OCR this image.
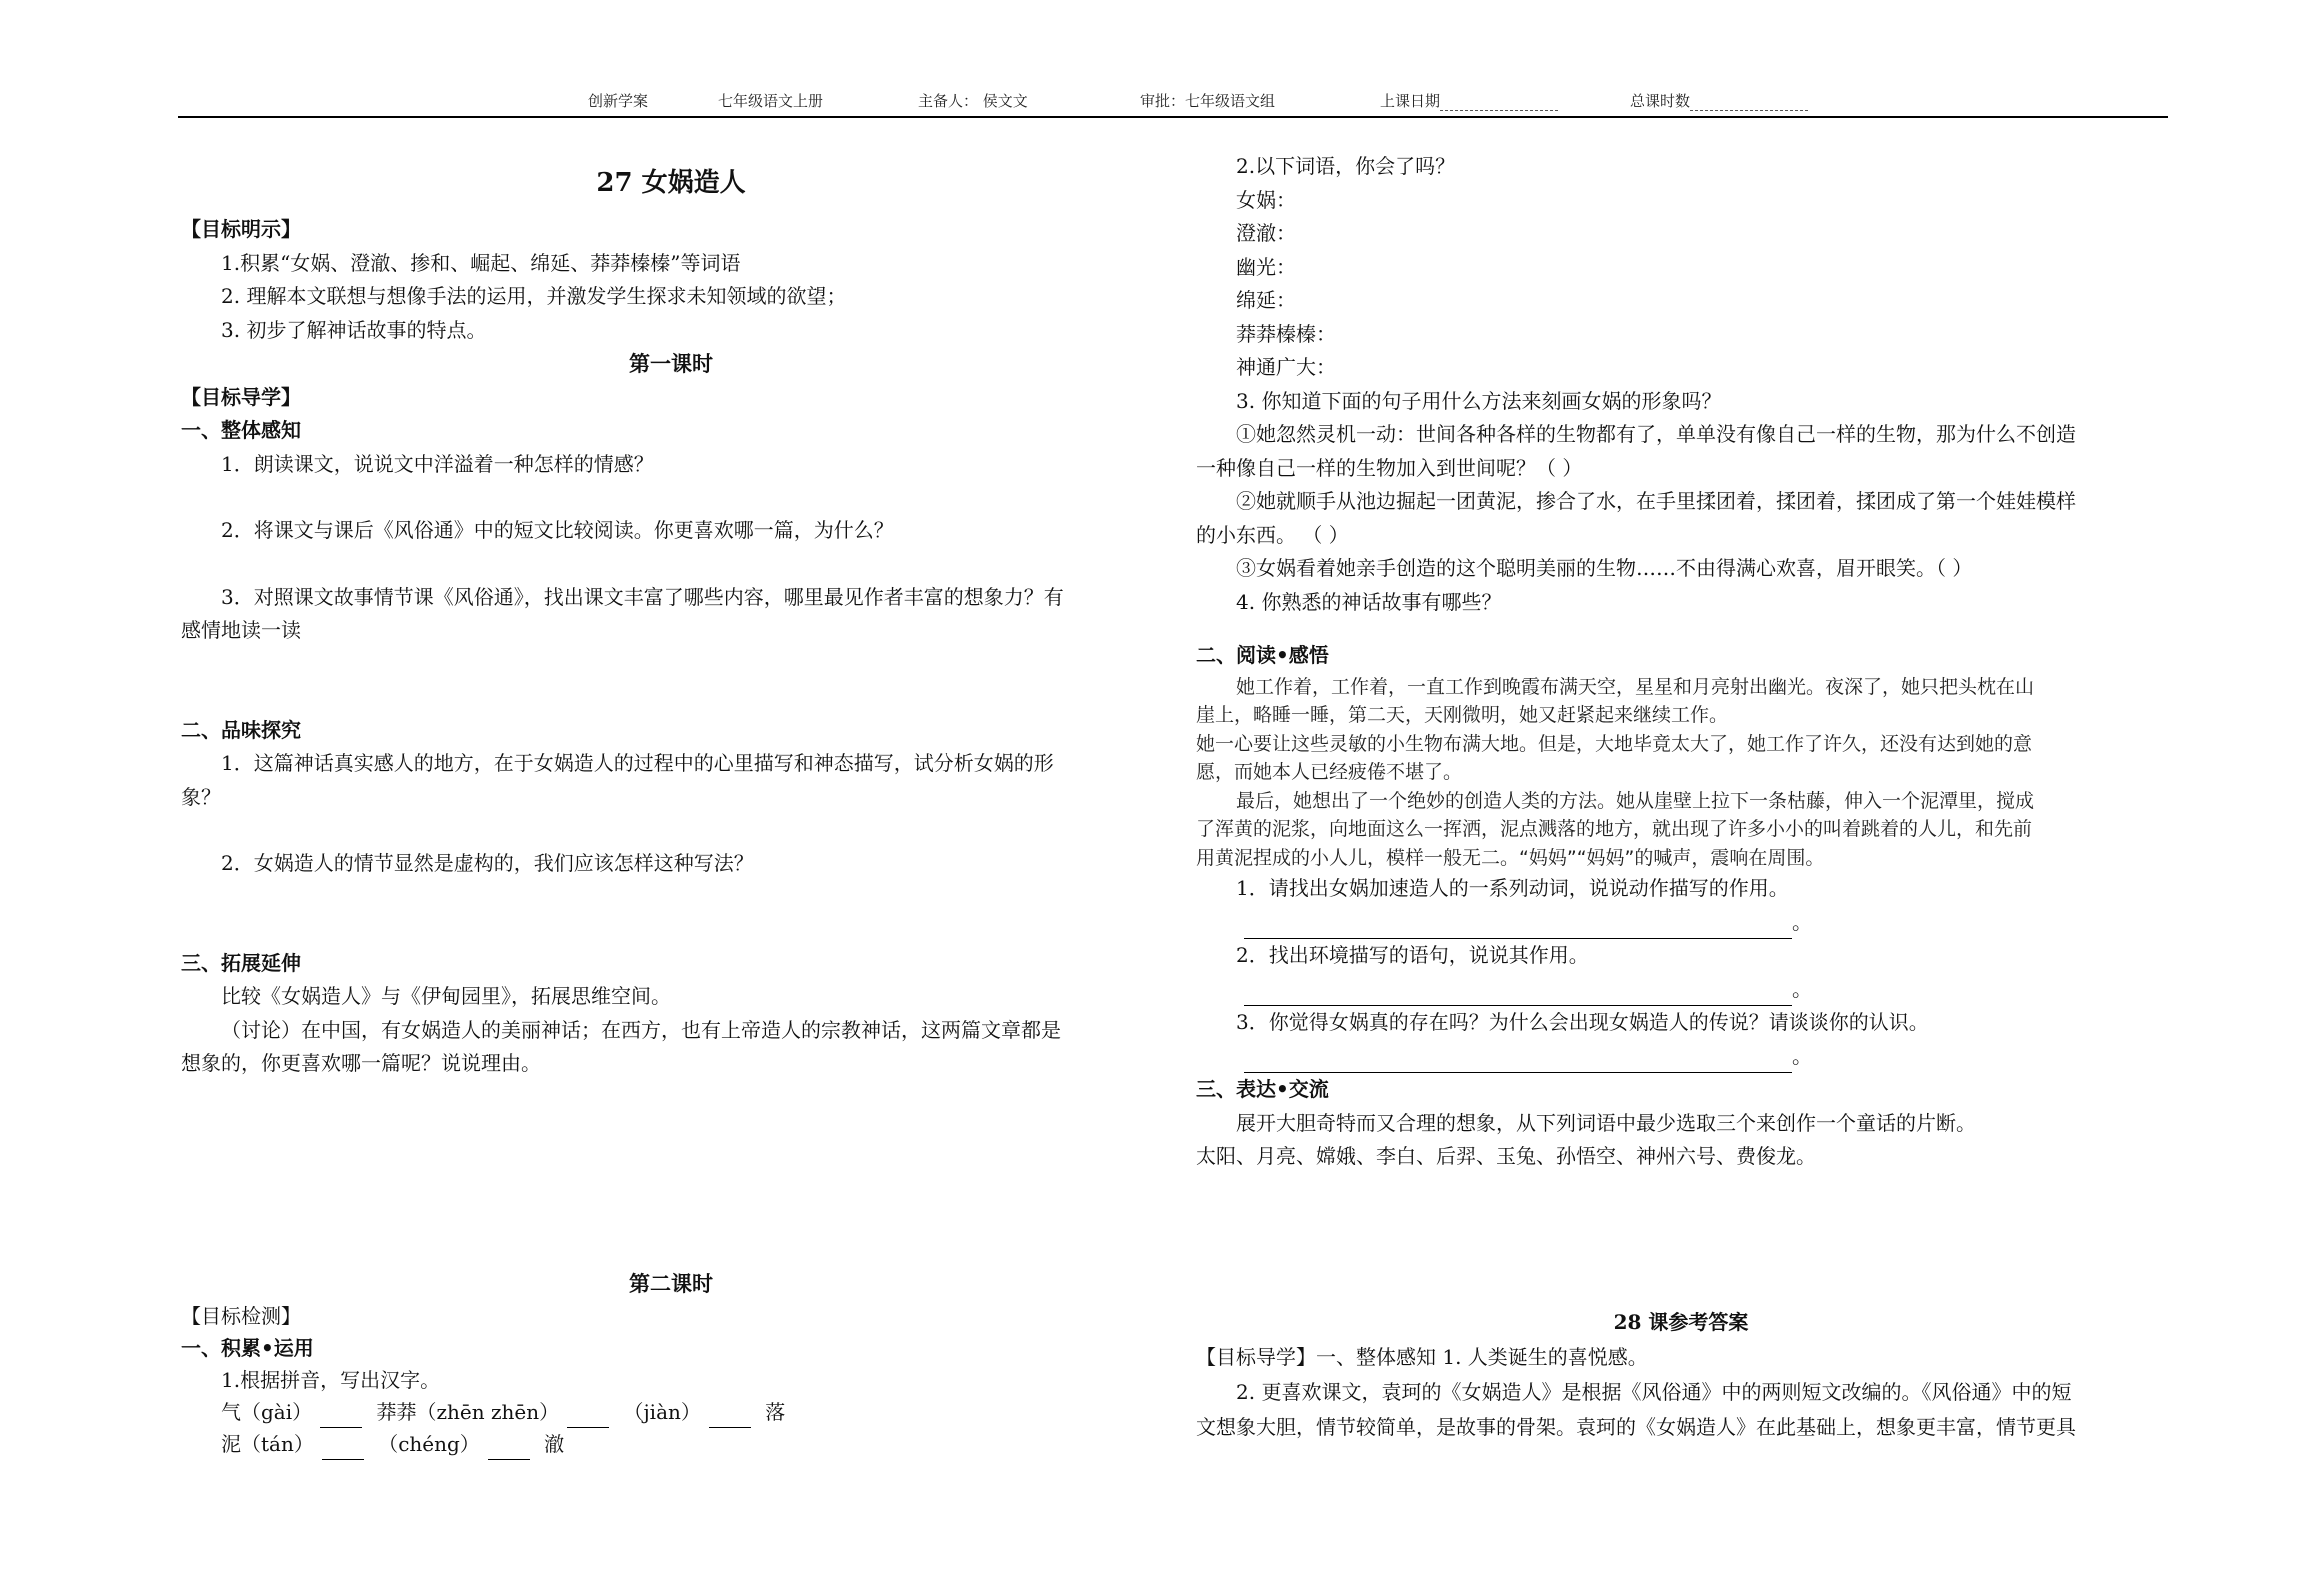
创新学案	七年级语文上册	主备人： 侯文文	审批：七年级语文组	上课日期	总课时数

27 女娲造人

【目标明示】

1.积累“女娲、澄澈、掺和、崛起、绵延、莽莽榛榛”等词语

2. 理解本文联想与想像手法的运用，并激发学生探求未知领域的欲望；

3. 初步了解神话故事的特点。

第一课时

【目标导学】

一、整体感知

1．朗读课文，说说文中洋溢着一种怎样的情感？

2．将课文与课后《风俗通》中的短文比较阅读。你更喜欢哪一篇，为什么？

3．对照课文故事情节课《风俗通》，找出课文丰富了哪些内容，哪里最见作者丰富的想象力？有

感情地读一读

二、品味探究

1．这篇神话真实感人的地方，在于女娲造人的过程中的心里描写和神态描写，试分析女娲的形

象？

2．女娲造人的情节显然是虚构的，我们应该怎样这种写法？

三、拓展延伸

比较《女娲造人》与《伊甸园里》，拓展思维空间。

（讨论）在中国，有女娲造人的美丽神话；在西方，也有上帝造人的宗教神话，这两篇文章都是

想象的，你更喜欢哪一篇呢？说说理由。

第二课时

【目标检测】

一、积累•运用

1.根据拼音，写出汉字。

气（gài）	莽莽（zhēn zhēn）	（jiàn）	落

泥（tán）	（chéng）	澈

2.以下词语，你会了吗？

女娲：

澄澈：

幽光：

绵延：

莽莽榛榛：

神通广大：

3. 你知道下面的句子用什么方法来刻画女娲的形象吗？

①她忽然灵机一动：世间各种各样的生物都有了，单单没有像自己一样的生物，那为什么不创造

一种像自己一样的生物加入到世间呢？（ ）

②她就顺手从池边掘起一团黄泥，掺合了水，在手里揉团着，揉团着，揉团成了第一个娃娃模样

的小东西。 （ ）

③女娲看着她亲手创造的这个聪明美丽的生物……不由得满心欢喜，眉开眼笑。（ ）

4. 你熟悉的神话故事有哪些？

二、阅读•感悟

她工作着，工作着，一直工作到晚霞布满天空，星星和月亮射出幽光。夜深了，她只把头枕在山

崖上，略睡一睡，第二天，天刚微明，她又赶紧起来继续工作。

她一心要让这些灵敏的小生物布满大地。但是，大地毕竟太大了，她工作了许久，还没有达到她的意

愿，而她本人已经疲倦不堪了。

最后，她想出了一个绝妙的创造人类的方法。她从崖壁上拉下一条枯藤，伸入一个泥潭里，搅成

了浑黄的泥浆，向地面这么一挥洒，泥点溅落的地方，就出现了许多小小的叫着跳着的人儿，和先前

用黄泥捏成的小人儿，模样一般无二。“妈妈”“妈妈”的喊声，震响在周围。

1．请找出女娲加速造人的一系列动词，说说动作描写的作用。

。

2．找出环境描写的语句，说说其作用。

。

3．你觉得女娲真的存在吗？为什么会出现女娲造人的传说？请谈谈你的认识。

。

三、表达•交流

展开大胆奇特而又合理的想象，从下列词语中最少选取三个来创作一个童话的片断。

太阳、月亮、嫦娥、李白、后羿、玉兔、孙悟空、神州六号、费俊龙。

28 课参考答案

【目标导学】一、整体感知 1. 人类诞生的喜悦感。

2. 更喜欢课文，袁珂的《女娲造人》是根据《风俗通》中的两则短文改编的。《风俗通》中的短

文想象大胆，情节较简单，是故事的骨架。袁珂的《女娲造人》在此基础上，想象更丰富，情节更具
